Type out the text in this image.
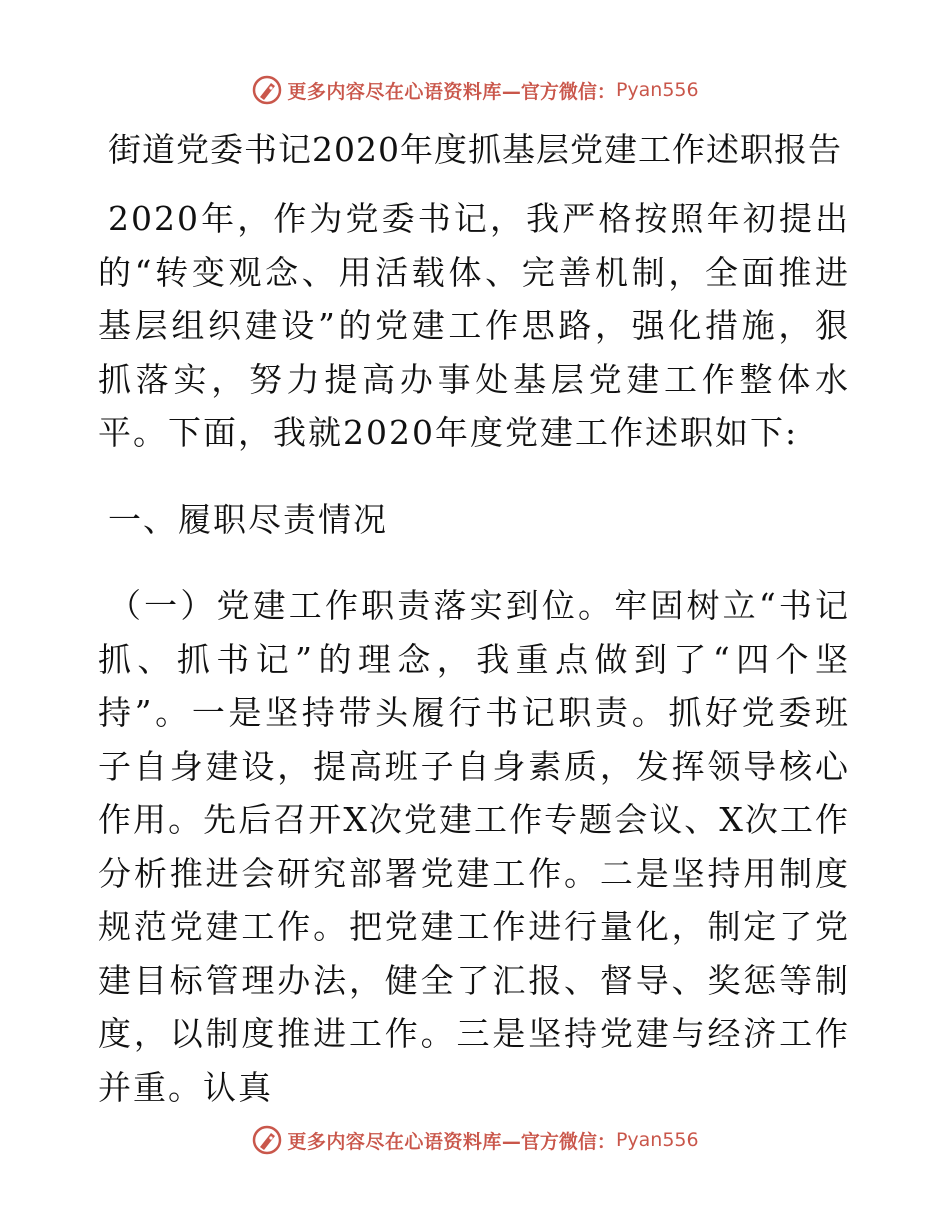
更多内容尽在心语资料库 —官方微信： Pyan556
街道党委书记2020年度抓基层党建工作述职报告

2020年，作为党委书记，我严格按照年初提出的“转变观念、用活载体、完善机制，全面推进基层组织建设”的党建工作思路，强化措施，狠抓落实，努力提高办事处基层党建工作整体水平。下面，我就2020年度党建工作述职如下:

一、履职尽责情况

（一）党建工作职责落实到位。牢固树立“书记抓、抓书记”的理念，我重点做到了“四个坚持”。一是坚持带头履行书记职责。抓好党委班子自身建设，提高班子自身素质，发挥领导核心作用。先后召开X次党建工作专题会议、X次工作分析推进会研究部署党建工作。二是坚持用制度规范党建工作。把党建工作进行量化，制定了党建目标管理办法，健全了汇报、督导、奖惩等制度，以制度推进工作。三是坚持党建与经济工作并重。认真

更多内容尽在心语资料库 —官方微信： Pyan556
